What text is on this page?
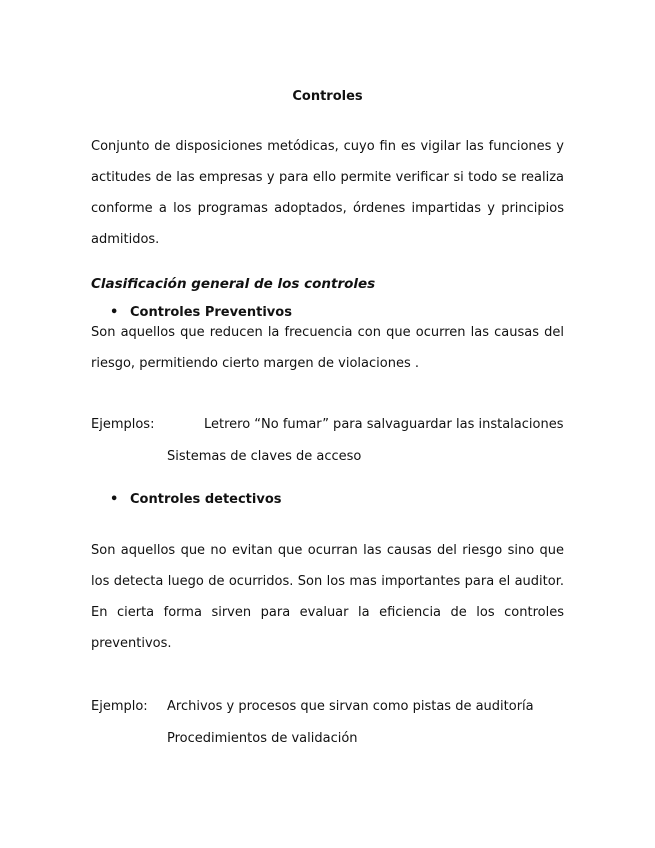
Controles
Conjunto de disposiciones metódicas, cuyo fin es vigilar las funciones y actitudes de las empresas y para ello permite verificar si todo se realiza conforme a los programas adoptados, órdenes impartidas y principios admitidos.
Clasificación general de los controles
• Controles Preventivos
Son aquellos que reducen la frecuencia con que ocurren las causas del riesgo, permitiendo cierto margen de violaciones .
Ejemplos:	Letrero “No fumar” para salvaguardar las instalaciones
Sistemas de claves de acceso
• Controles detectivos
Son aquellos que no evitan que ocurran las causas del riesgo sino que los detecta luego de ocurridos. Son los mas importantes para el auditor. En cierta forma sirven para evaluar la eficiencia de los controles preventivos.
Ejemplo: Archivos y procesos que sirvan como pistas de auditoría
Procedimientos de validación
